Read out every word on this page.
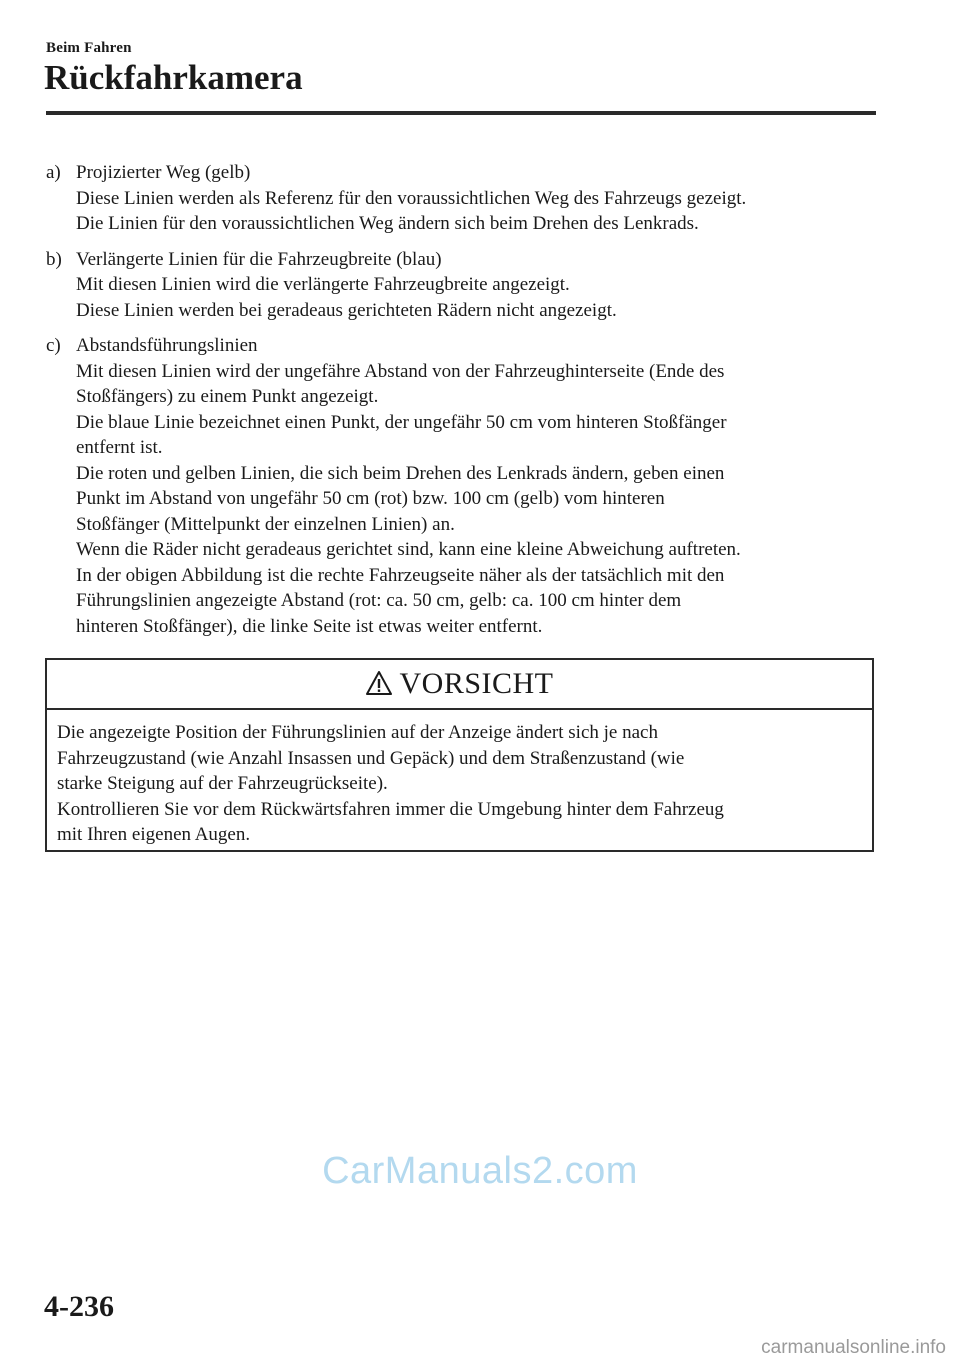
Beim Fahren
Rückfahrkamera
a) Projizierter Weg (gelb)
Diese Linien werden als Referenz für den voraussichtlichen Weg des Fahrzeugs gezeigt.
Die Linien für den voraussichtlichen Weg ändern sich beim Drehen des Lenkrads.
b) Verlängerte Linien für die Fahrzeugbreite (blau)
Mit diesen Linien wird die verlängerte Fahrzeugbreite angezeigt.
Diese Linien werden bei geradeaus gerichteten Rädern nicht angezeigt.
c) Abstandsführungslinien
Mit diesen Linien wird der ungefähre Abstand von der Fahrzeughinterseite (Ende des
Stoßfängers) zu einem Punkt angezeigt.
Die blaue Linie bezeichnet einen Punkt, der ungefähr 50 cm vom hinteren Stoßfänger
entfernt ist.
Die roten und gelben Linien, die sich beim Drehen des Lenkrads ändern, geben einen
Punkt im Abstand von ungefähr 50 cm (rot) bzw. 100 cm (gelb) vom hinteren
Stoßfänger (Mittelpunkt der einzelnen Linien) an.
Wenn die Räder nicht geradeaus gerichtet sind, kann eine kleine Abweichung auftreten.
In der obigen Abbildung ist die rechte Fahrzeugseite näher als der tatsächlich mit den
Führungslinien angezeigte Abstand (rot: ca. 50 cm, gelb: ca. 100 cm hinter dem
hinteren Stoßfänger), die linke Seite ist etwas weiter entfernt.
VORSICHT
Die angezeigte Position der Führungslinien auf der Anzeige ändert sich je nach
Fahrzeugzustand (wie Anzahl Insassen und Gepäck) und dem Straßenzustand (wie
starke Steigung auf der Fahrzeugrückseite).
Kontrollieren Sie vor dem Rückwärtsfahren immer die Umgebung hinter dem Fahrzeug
mit Ihren eigenen Augen.
CarManuals2.com
4-236
carmanualsonline.info
